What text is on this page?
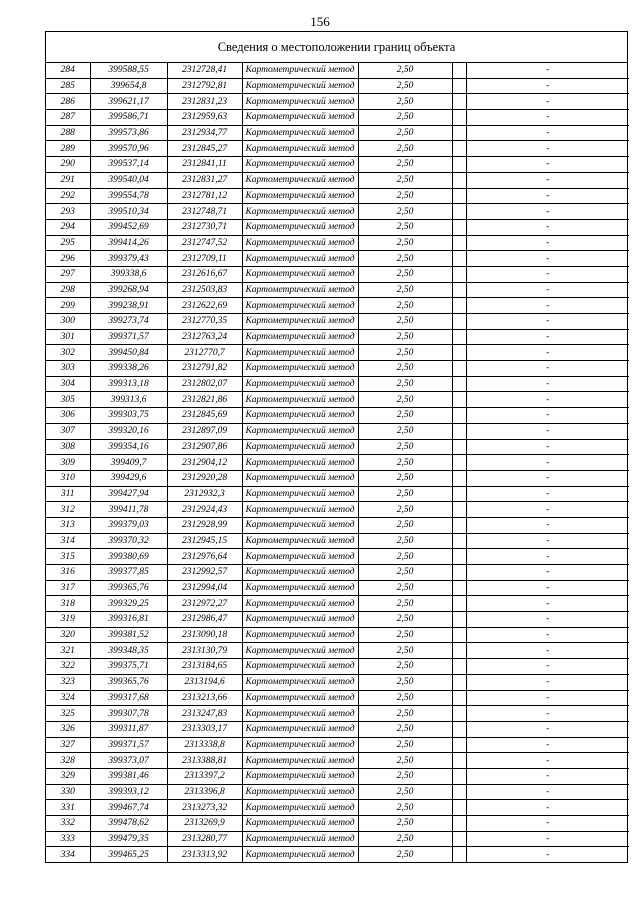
156
Сведения о местоположении границ объекта
284	399588,55	2312728,41	Картометрический метод	2,50		-
285	399654,8	2312792,81	Картометрический метод	2,50		-
286	399621,17	2312831,23	Картометрический метод	2,50		-
287	399586,71	2312959,63	Картометрический метод	2,50		-
288	399573,86	2312934,77	Картометрический метод	2,50		-
289	399570,96	2312845,27	Картометрический метод	2,50		-
290	399537,14	2312841,11	Картометрический метод	2,50		-
291	399540,04	2312831,27	Картометрический метод	2,50		-
292	399554,78	2312781,12	Картометрический метод	2,50		-
293	399510,34	2312748,71	Картометрический метод	2,50		-
294	399452,69	2312730,71	Картометрический метод	2,50		-
295	399414,26	2312747,52	Картометрический метод	2,50		-
296	399379,43	2312709,11	Картометрический метод	2,50		-
297	399338,6	2312616,67	Картометрический метод	2,50		-
298	399268,94	2312503,83	Картометрический метод	2,50		-
299	399238,91	2312622,69	Картометрический метод	2,50		-
300	399273,74	2312770,35	Картометрический метод	2,50		-
301	399371,57	2312763,24	Картометрический метод	2,50		-
302	399450,84	2312770,7	Картометрический метод	2,50		-
303	399338,26	2312791,82	Картометрический метод	2,50		-
304	399313,18	2312802,07	Картометрический метод	2,50		-
305	399313,6	2312821,86	Картометрический метод	2,50		-
306	399303,75	2312845,69	Картометрический метод	2,50		-
307	399320,16	2312897,09	Картометрический метод	2,50		-
308	399354,16	2312907,86	Картометрический метод	2,50		-
309	399409,7	2312904,12	Картометрический метод	2,50		-
310	399429,6	2312920,28	Картометрический метод	2,50		-
311	399427,94	2312932,3	Картометрический метод	2,50		-
312	399411,78	2312924,43	Картометрический метод	2,50		-
313	399379,03	2312928,99	Картометрический метод	2,50		-
314	399370,32	2312945,15	Картометрический метод	2,50		-
315	399380,69	2312976,64	Картометрический метод	2,50		-
316	399377,85	2312992,57	Картометрический метод	2,50		-
317	399365,76	2312994,04	Картометрический метод	2,50		-
318	399329,25	2312972,27	Картометрический метод	2,50		-
319	399316,81	2312986,47	Картометрический метод	2,50		-
320	399381,52	2313090,18	Картометрический метод	2,50		-
321	399348,35	2313130,79	Картометрический метод	2,50		-
322	399375,71	2313184,65	Картометрический метод	2,50		-
323	399365,76	2313194,6	Картометрический метод	2,50		-
324	399317,68	2313213,66	Картометрический метод	2,50		-
325	399307,78	2313247,83	Картометрический метод	2,50		-
326	399311,87	2313303,17	Картометрический метод	2,50		-
327	399371,57	2313338,8	Картометрический метод	2,50		-
328	399373,07	2313388,81	Картометрический метод	2,50		-
329	399381,46	2313397,2	Картометрический метод	2,50		-
330	399393,12	2313396,8	Картометрический метод	2,50		-
331	399467,74	2313273,32	Картометрический метод	2,50		-
332	399478,62	2313269,9	Картометрический метод	2,50		-
333	399479,35	2313280,77	Картометрический метод	2,50		-
334	399465,25	2313313,92	Картометрический метод	2,50		-
